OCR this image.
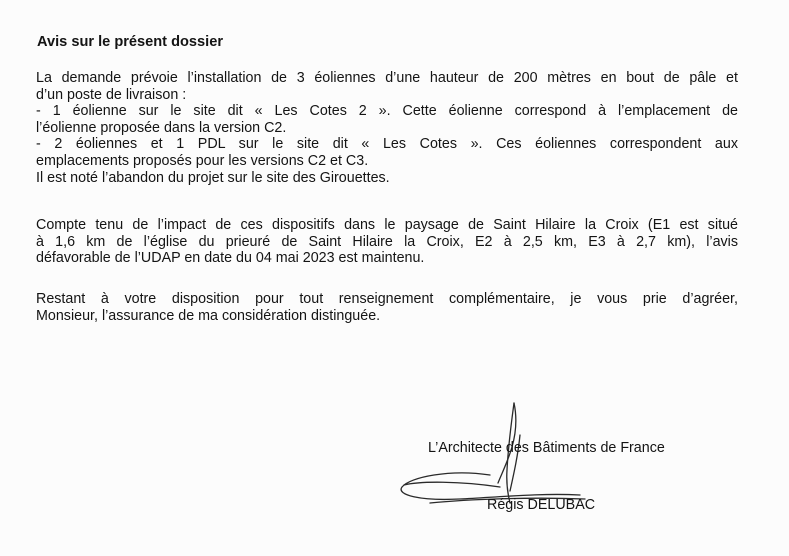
Avis sur le présent dossier

La demande prévoie l’installation de 3 éoliennes d’une hauteur de 200 mètres en bout de pâle et
d’un poste de livraison :
- 1 éolienne sur le site dit « Les Cotes 2 ». Cette éolienne correspond à l’emplacement de
l’éolienne proposée dans la version C2.
- 2 éoliennes et 1 PDL sur le site dit « Les Cotes ». Ces éoliennes correspondent aux
emplacements proposés pour les versions C2 et C3.
Il est noté l’abandon du projet sur le site des Girouettes.
Compte tenu de l’impact de ces dispositifs dans le paysage de Saint Hilaire la Croix (E1 est situé
à 1,6 km de l’église du prieuré de Saint Hilaire la Croix, E2 à 2,5 km, E3 à 2,7 km), l’avis
défavorable de l’UDAP en date du 04 mai 2023 est maintenu.
Restant à votre disposition pour tout renseignement complémentaire, je vous prie d’agréer,
Monsieur, l’assurance de ma considération distinguée.

L’Architecte des Bâtiments de France

Régis DELUBAC
